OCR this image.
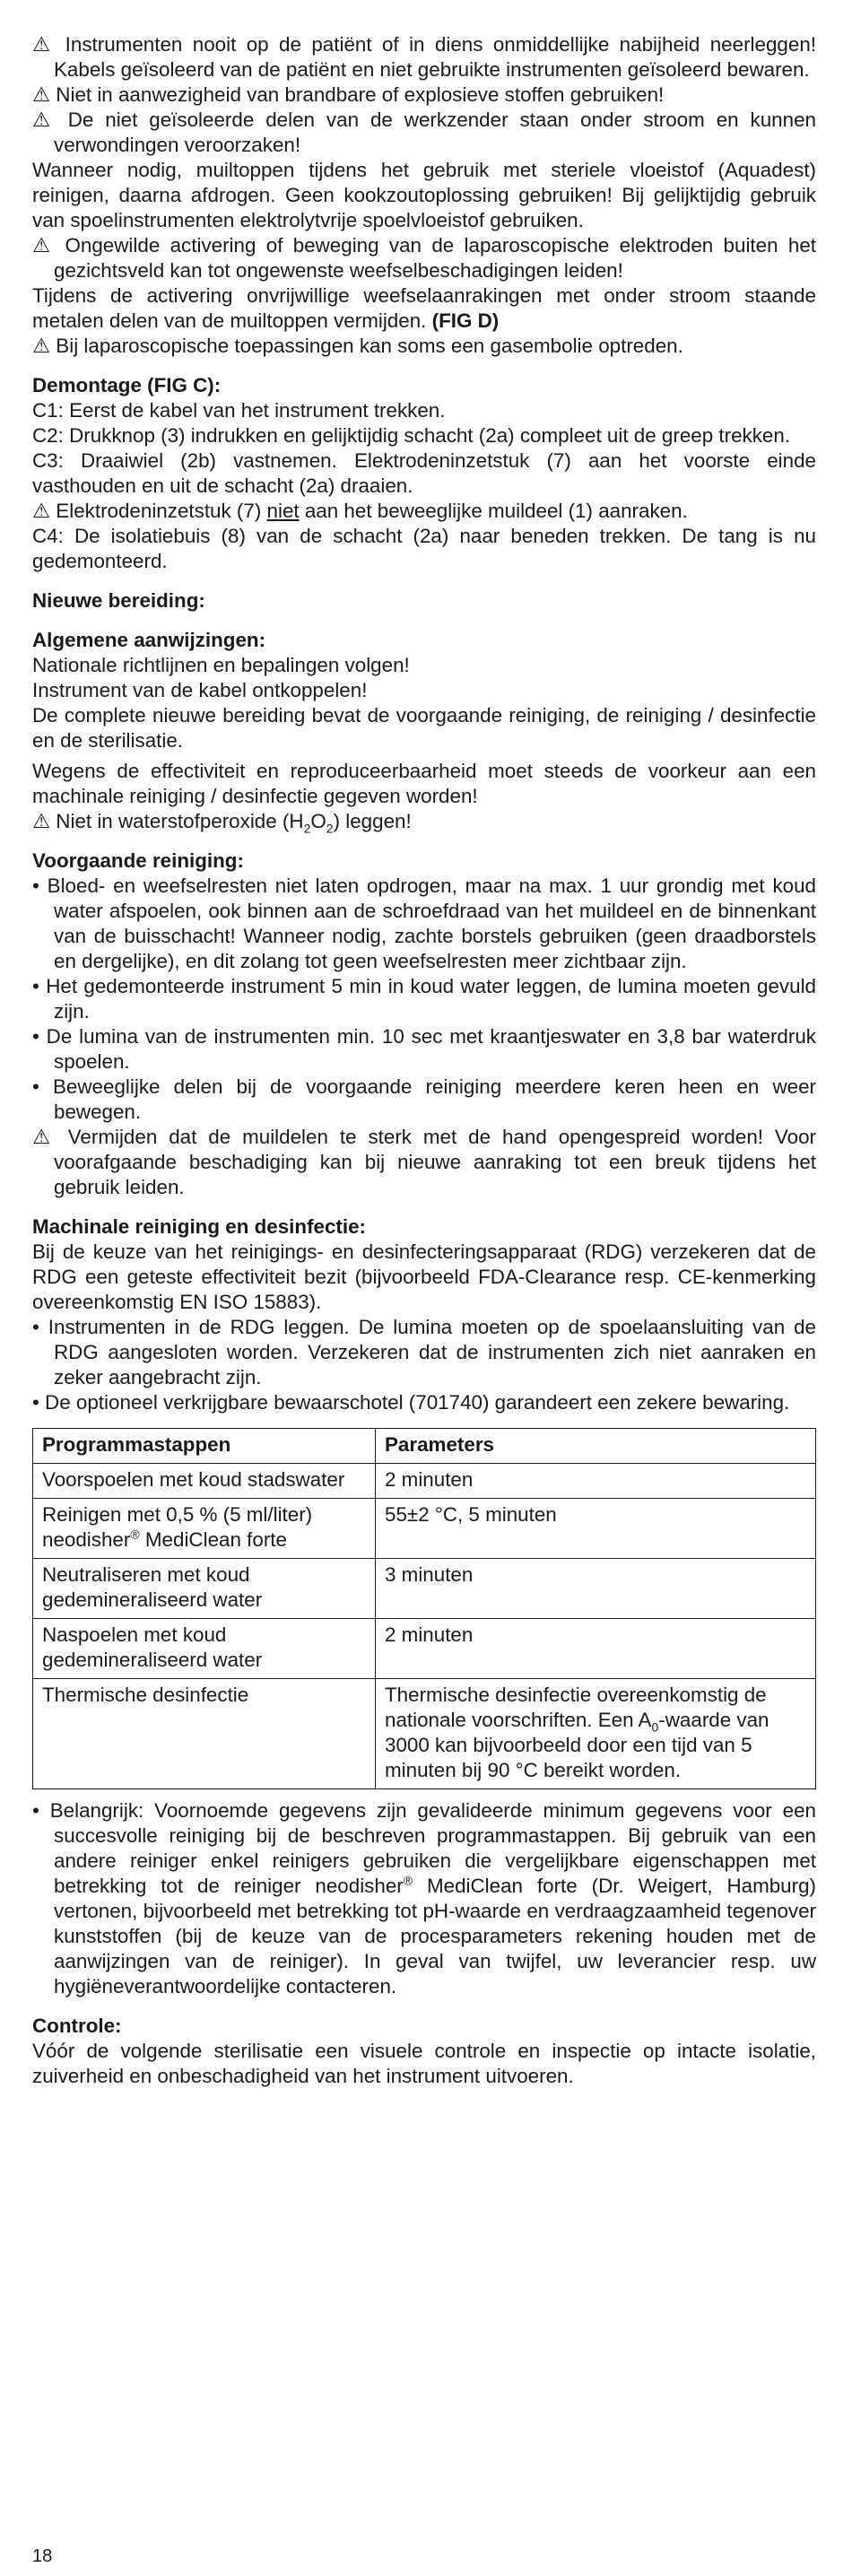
⚠ Instrumenten nooit op de patiënt of in diens onmiddellijke nabijheid neerleggen! Kabels geïsoleerd van de patiënt en niet gebruikte instrumenten geïsoleerd bewaren.

⚠ Niet in aanwezigheid van brandbare of explosieve stoffen gebruiken!

⚠ De niet geïsoleerde delen van de werkzender staan onder stroom en kunnen verwondingen veroorzaken!

Wanneer nodig, muiltoppen tijdens het gebruik met steriele vloeistof (Aquadest) reinigen, daarna afdrogen. Geen kookzoutoplossing gebruiken! Bij gelijktijdig gebruik van spoelinstrumenten elektrolytvrije spoelvloeistof gebruiken.

⚠ Ongewilde activering of beweging van de laparoscopische elektroden buiten het gezichtsveld kan tot ongewenste weefselbeschadigingen leiden!

Tijdens de activering onvrijwillige weefselaanrakingen met onder stroom staande metalen delen van de muiltoppen vermijden. (FIG D)

⚠ Bij laparoscopische toepassingen kan soms een gasembolie optreden.

Demontage (FIG C):

C1: Eerst de kabel van het instrument trekken.

C2: Drukknop (3) indrukken en gelijktijdig schacht (2a) compleet uit de greep trekken.

C3: Draaiwiel (2b) vastnemen. Elektrodeninzetstuk (7) aan het voorste einde vasthouden en uit de schacht (2a) draaien.

⚠ Elektrodeninzetstuk (7) niet aan het beweeglijke muildeel (1) aanraken.

C4: De isolatiebuis (8) van de schacht (2a) naar beneden trekken. De tang is nu gedemonteerd.

Nieuwe bereiding:
Algemene aanwijzingen:

Nationale richtlijnen en bepalingen volgen!

Instrument van de kabel ontkoppelen!

De complete nieuwe bereiding bevat de voorgaande reiniging, de reiniging / desinfectie en de sterilisatie.

Wegens de effectiviteit en reproduceerbaarheid moet steeds de voorkeur aan een machinale reiniging / desinfectie gegeven worden!

⚠ Niet in waterstofperoxide $(H_2O_2)$ leggen!

Voorgaande reiniging:

• Bloed- en weefselresten niet laten opdrogen, maar na max. 1 uur grondig met koud water afspoelen, ook binnen aan de schroefdraad van het muildeel en de binnenkant van de buisschacht! Wanneer nodig, zachte borstels gebruiken (geen draadborstels en dergelijke), en dit zolang tot geen weefselresten meer zichtbaar zijn.

• Het gedemonteerde instrument 5 min in koud water leggen, de lumina moeten gevuld zijn.

• De lumina van de instrumenten min. 10 sec met kraantjeswater en 3,8 bar waterdruk spoelen.

• Beweeglijke delen bij de voorgaande reiniging meerdere keren heen en weer bewegen.

⚠ Vermijden dat de muildelen te sterk met de hand opengespreid worden! Voor voorafgaande beschadiging kan bij nieuwe aanraking tot een breuk tijdens het gebruik leiden.

Machinale reiniging en desinfectie:

Bij de keuze van het reinigings- en desinfecteringsapparaat (RDG) verzekeren dat de RDG een geteste effectiviteit bezit (bijvoorbeeld FDA-Clearance resp. CE-kenmerking overeenkomstig EN ISO 15883).

• Instrumenten in de RDG leggen. De lumina moeten op de spoelaansluiting van de RDG aangesloten worden. Verzekeren dat de instrumenten zich niet aanraken en zeker aangebracht zijn.

• De optioneel verkrijgbare bewaarschotel (701740) garandeert een zekere bewaring.

Programmastappen	Parameters
Voorspoelen met koud stadswater	2 minuten
Reinigen met 0,5 % (5 ml/liter) neodisher® MediClean forte	55±2 °C, 5 minuten
Neutraliseren met koud gedemineraliseerd water	3 minuten
Naspoelen met koud gedemineraliseerd water	2 minuten
Thermische desinfectie	Thermische desinfectie overeenkomstig de nationale voorschriften. Een $A_0$-waarde van 3000 kan bijvoorbeeld door een tijd van 5 minuten bij 90 °C bereikt worden.

• Belangrijk: Voornoemde gegevens zijn gevalideerde minimum gegevens voor een succesvolle reiniging bij de beschreven programmastappen. Bij gebruik van een andere reiniger enkel reinigers gebruiken die vergelijkbare eigenschappen met betrekking tot de reiniger neodisher® MediClean forte (Dr. Weigert, Hamburg) vertonen, bijvoorbeeld met betrekking tot pH-waarde en verdraagzaamheid tegenover kunststoffen (bij de keuze van de procesparameters rekening houden met de aanwijzingen van de reiniger). In geval van twijfel, uw leverancier resp. uw hygiëneverantwoordelijke contacteren.

Controle:

Vóór de volgende sterilisatie een visuele controle en inspectie op intacte isolatie, zuiverheid en onbeschadigheid van het instrument uitvoeren.

18
